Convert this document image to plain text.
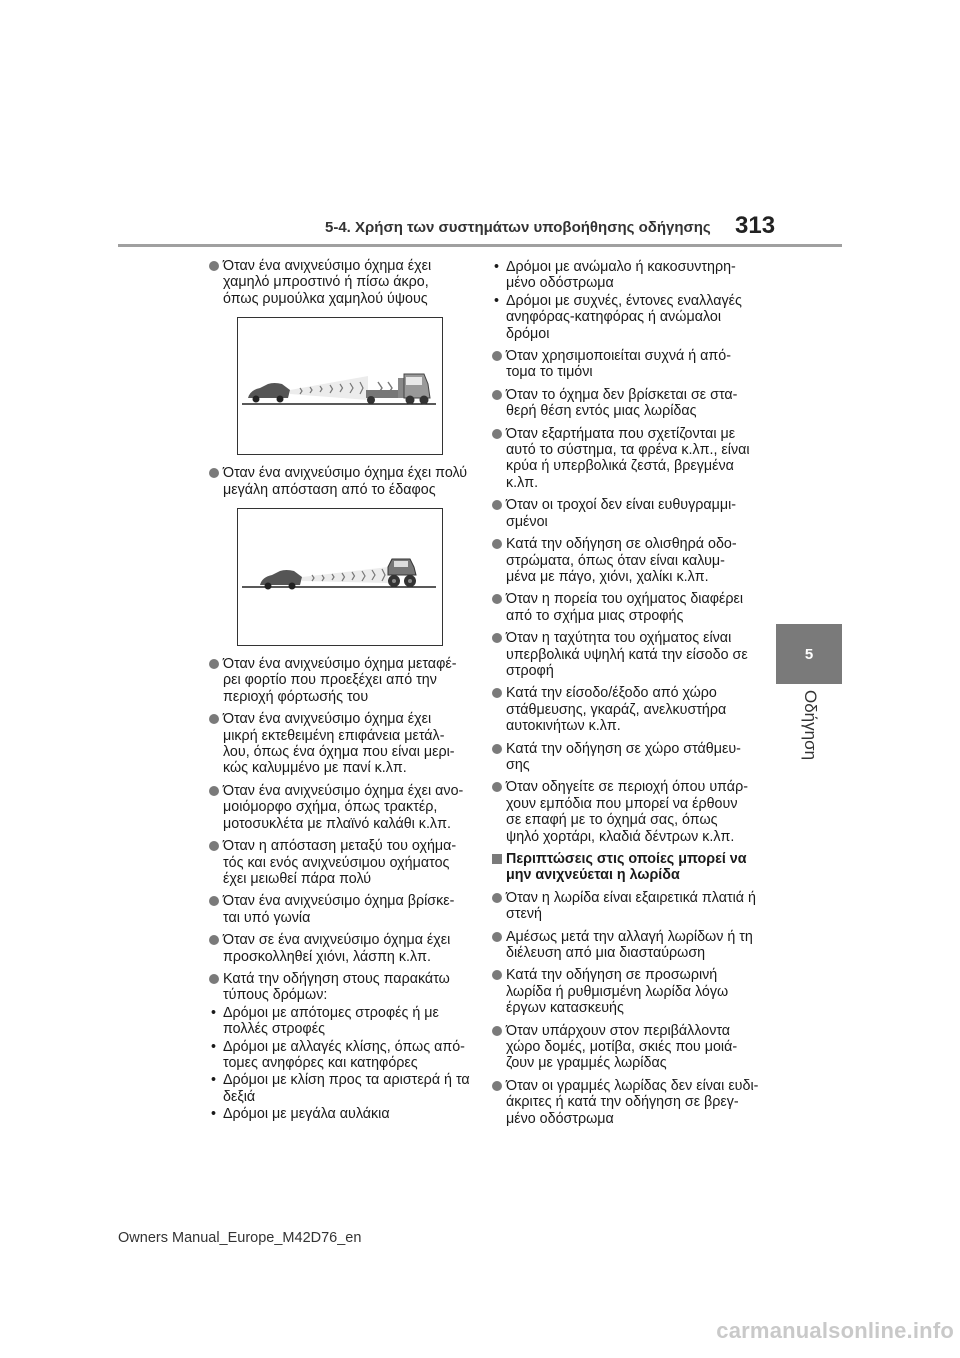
5-4. Χρήση των συστημάτων υποβοήθησης οδήγησης 313
5
Οδήγηση
Όταν ένα ανιχνεύσιμο όχημα έχει
χαμηλό μπροστινό ή πίσω άκρο,
όπως ρυμούλκα χαμηλού ύψους
Όταν ένα ανιχνεύσιμο όχημα έχει πολύ
μεγάλη απόσταση από το έδαφος
Όταν ένα ανιχνεύσιμο όχημα μεταφέ-
ρει φορτίο που προεξέχει από την
περιοχή φόρτωσής του
Όταν ένα ανιχνεύσιμο όχημα έχει
μικρή εκτεθειμένη επιφάνεια μετάλ-
λου, όπως ένα όχημα που είναι μερι-
κώς καλυμμένο με πανί κ.λπ.
Όταν ένα ανιχνεύσιμο όχημα έχει ανο-
μοιόμορφο σχήμα, όπως τρακτέρ,
μοτοσυκλέτα με πλαϊνό καλάθι κ.λπ.
Όταν η απόσταση μεταξύ του οχήμα-
τός και ενός ανιχνεύσιμου οχήματος
έχει μειωθεί πάρα πολύ
Όταν ένα ανιχνεύσιμο όχημα βρίσκε-
ται υπό γωνία
Όταν σε ένα ανιχνεύσιμο όχημα έχει
προσκολληθεί χιόνι, λάσπη κ.λπ.
Κατά την οδήγηση στους παρακάτω
τύπους δρόμων:
• Δρόμοι με απότομες στροφές ή με
πολλές στροφές
• Δρόμοι με αλλαγές κλίσης, όπως από-
τομες ανηφόρες και κατηφόρες
• Δρόμοι με κλίση προς τα αριστερά ή τα
δεξιά
• Δρόμοι με μεγάλα αυλάκια
• Δρόμοι με ανώμαλο ή κακοσυντηρη-
μένο οδόστρωμα
• Δρόμοι με συχνές, έντονες εναλλαγές
ανηφόρας-κατηφόρας ή ανώμαλοι
δρόμοι
Όταν χρησιμοποιείται συχνά ή από-
τομα το τιμόνι
Όταν το όχημα δεν βρίσκεται σε στα-
θερή θέση εντός μιας λωρίδας
Όταν εξαρτήματα που σχετίζονται με
αυτό το σύστημα, τα φρένα κ.λπ., είναι
κρύα ή υπερβολικά ζεστά, βρεγμένα
κ.λπ.
Όταν οι τροχοί δεν είναι ευθυγραμμι-
σμένοι
Κατά την οδήγηση σε ολισθηρά οδο-
στρώματα, όπως όταν είναι καλυμ-
μένα με πάγο, χιόνι, χαλίκι κ.λπ.
Όταν η πορεία του οχήματος διαφέρει
από το σχήμα μιας στροφής
Όταν η ταχύτητα του οχήματος είναι
υπερβολικά υψηλή κατά την είσοδο σε
στροφή
Κατά την είσοδο/έξοδο από χώρο
στάθμευσης, γκαράζ, ανελκυστήρα
αυτοκινήτων κ.λπ.
Κατά την οδήγηση σε χώρο στάθμευ-
σης
Όταν οδηγείτε σε περιοχή όπου υπάρ-
χουν εμπόδια που μπορεί να έρθουν
σε επαφή με το όχημά σας, όπως
ψηλό χορτάρι, κλαδιά δέντρων κ.λπ.
Περιπτώσεις στις οποίες μπορεί να
μην ανιχνεύεται η λωρίδα
Όταν η λωρίδα είναι εξαιρετικά πλατιά ή
στενή
Αμέσως μετά την αλλαγή λωρίδων ή τη
διέλευση από μια διασταύρωση
Κατά την οδήγηση σε προσωρινή
λωρίδα ή ρυθμισμένη λωρίδα λόγω
έργων κατασκευής
Όταν υπάρχουν στον περιβάλλοντα
χώρο δομές, μοτίβα, σκιές που μοιά-
ζουν με γραμμές λωρίδας
Όταν οι γραμμές λωρίδας δεν είναι ευδι-
άκριτες ή κατά την οδήγηση σε βρεγ-
μένο οδόστρωμα
Owners Manual_Europe_M42D76_en
carmanualsonline.info
